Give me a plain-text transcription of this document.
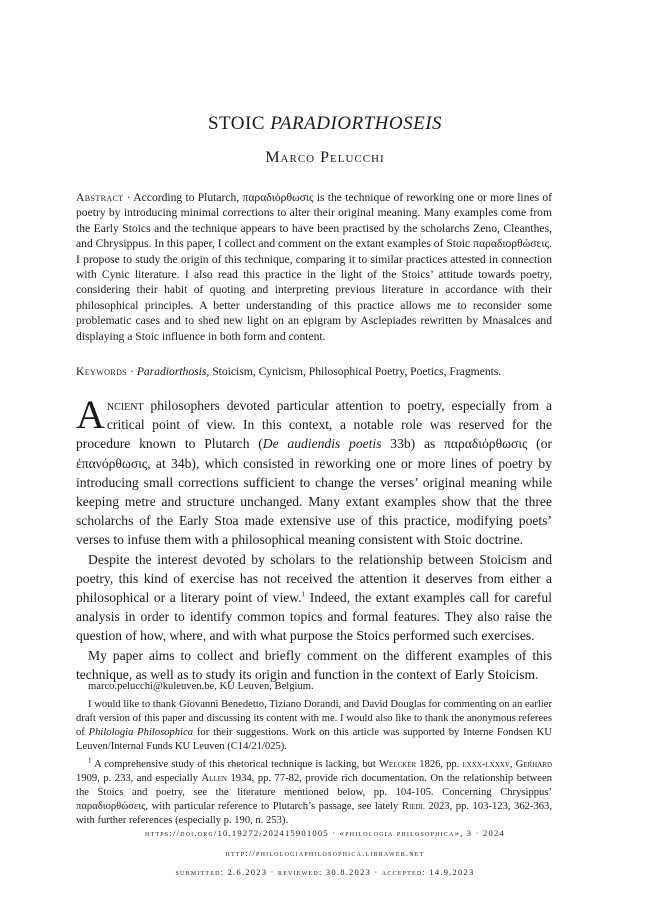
STOIC PARADIORTHOSEIS
Marco Pelucchi
Abstract · According to Plutarch, παραδιόρθωσις is the technique of reworking one or more lines of poetry by introducing minimal corrections to alter their original meaning. Many examples come from the Early Stoics and the technique appears to have been practised by the scholarchs Zeno, Cleanthes, and Chrysippus. In this paper, I collect and comment on the extant examples of Stoic παραδιορθώσεις. I propose to study the origin of this technique, comparing it to similar practices attested in connection with Cynic literature. I also read this practice in the light of the Stoics’ attitude towards poetry, considering their habit of quoting and interpreting previous literature in accordance with their philosophical principles. A better understanding of this practice allows me to reconsider some problematic cases and to shed new light on an epigram by Asclepiades rewritten by Mnasalces and displaying a Stoic influence in both form and content.
Keywords · Paradiorthosis, Stoicism, Cynicism, Philosophical Poetry, Poetics, Fragments.

Ancient philosophers devoted particular attention to poetry, especially from a critical point of view. In this context, a notable role was reserved for the procedure known to Plutarch (De audiendis poetis 33b) as παραδιόρθωσις (or ἐπανόρθωσις, at 34b), which consisted in reworking one or more lines of poetry by introducing small corrections sufficient to change the verses’ original meaning while keeping metre and structure unchanged. Many extant examples show that the three scholarchs of the Early Stoa made extensive use of this practice, modifying poets’ verses to infuse them with a philosophical meaning consistent with Stoic doctrine.

Despite the interest devoted by scholars to the relationship between Stoicism and poetry, this kind of exercise has not received the attention it deserves from either a philosophical or a literary point of view.$^1$ Indeed, the extant examples call for careful analysis in order to identify common topics and formal features. They also raise the question of how, where, and with what purpose the Stoics performed such exercises.

My paper aims to collect and briefly comment on the different examples of this technique, as well as to study its origin and function in the context of Early Stoicism.

marco.pelucchi@kuleuven.be, KU Leuven, Belgium.

I would like to thank Giovanni Benedetto, Tiziano Dorandi, and David Douglas for commenting on an earlier draft version of this paper and discussing its content with me. I would also like to thank the anonymous referees of Philologia Philosophica for their suggestions. Work on this article was supported by Interne Fondsen KU Leuven/Internal Funds KU Leuven (C14/21/025).

$^1$ A comprehensive study of this rhetorical technique is lacking, but Welcker 1826, pp. lxxx-lxxxv, Gerhard 1909, p. 233, and especially Allen 1934, pp. 77-82, provide rich documentation. On the relationship between the Stoics and poetry, see the literature mentioned below, pp. 104-105. Concerning Chrysippus’ παραδιορθώσεις, with particular reference to Plutarch’s passage, see lately Riedl 2023, pp. 103-123, 362-363, with further references (especially p. 190, n. 253).

https://doi.org/10.19272/202415901005 · «philologia philosophica», 3 · 2024
http://philologiaphilosophica.libraweb.net
submitted: 2.6.2023 · reviewed: 30.8.2023 · accepted: 14.9.2023
